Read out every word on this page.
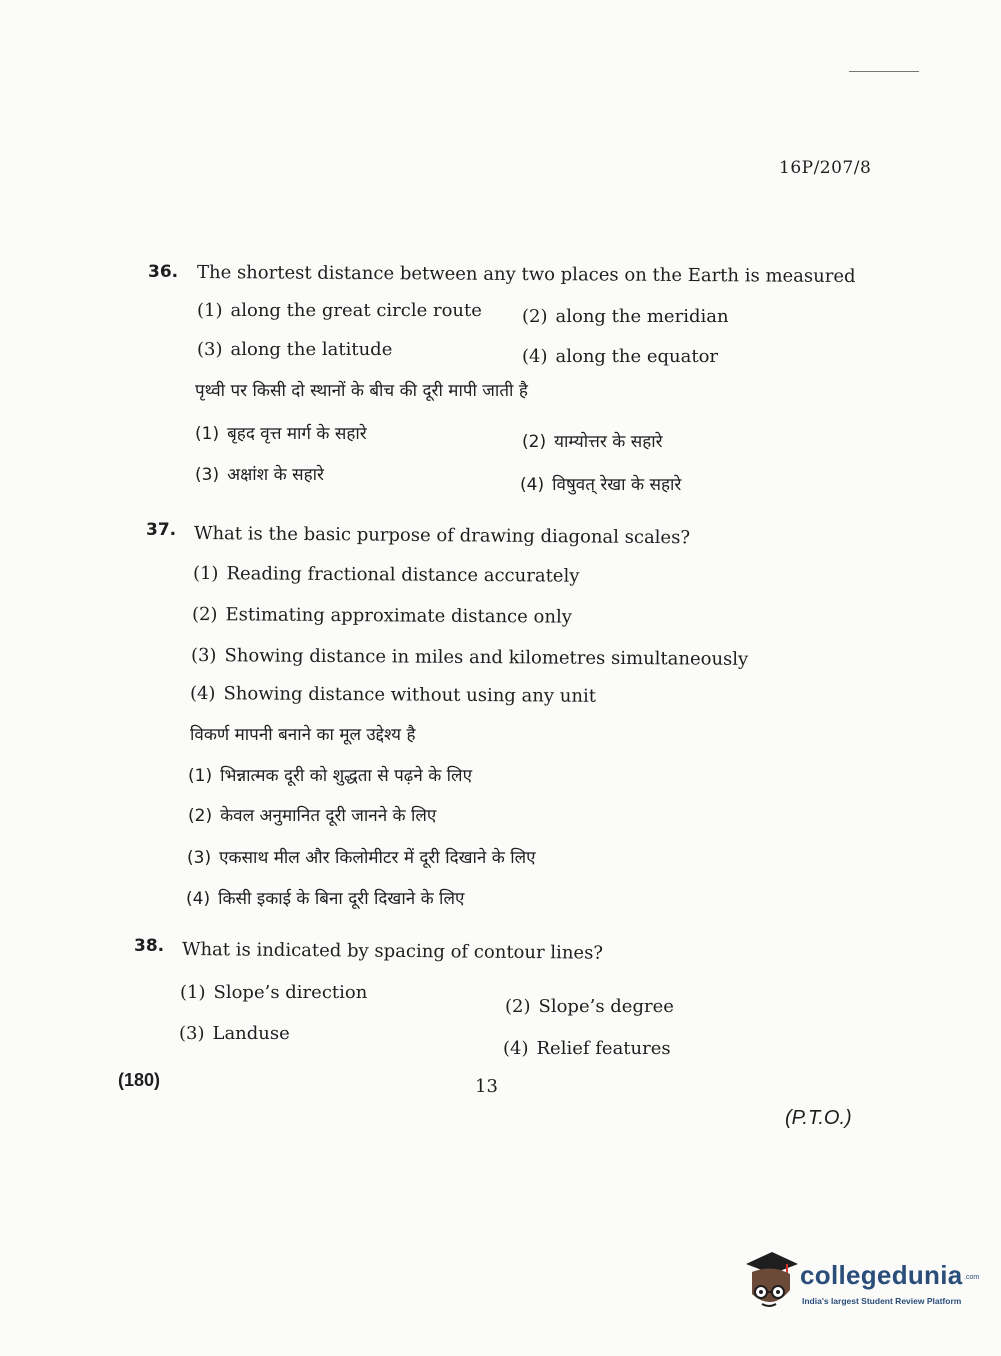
16P/207/8
36. The shortest distance between any two places on the Earth is measured
(1) along the great circle route (2) along the meridian
(3) along the latitude	(4) along the equator
पृथ्वी पर किसी दो स्थानों के बीच की दूरी मापी जाती है
(1) बृहद वृत्त मार्ग के सहारे	(2) याम्योत्तर के सहारे
(3) अक्षांश के सहारे	(4) विषुवत् रेखा के सहारे
37. What is the basic purpose of drawing diagonal scales?
(1) Reading fractional distance accurately
(2) Estimating approximate distance only
(3) Showing distance in miles and kilometres simultaneously
(4) Showing distance without using any unit
विकर्ण मापनी बनाने का मूल उद्देश्य है
(1) भिन्नात्मक दूरी को शुद्धता से पढ़ने के लिए
(2) केवल अनुमानित दूरी जानने के लिए
(3) एकसाथ मील और किलोमीटर में दूरी दिखाने के लिए
(4) किसी इकाई के बिना दूरी दिखाने के लिए
38. What is indicated by spacing of contour lines?
(1) Slope’s direction
(2) Slope’s degree
(3) Landuse
(4) Relief features
(180)	13
(P.T.O.)
collegedunia .com
India's largest Student Review Platform
